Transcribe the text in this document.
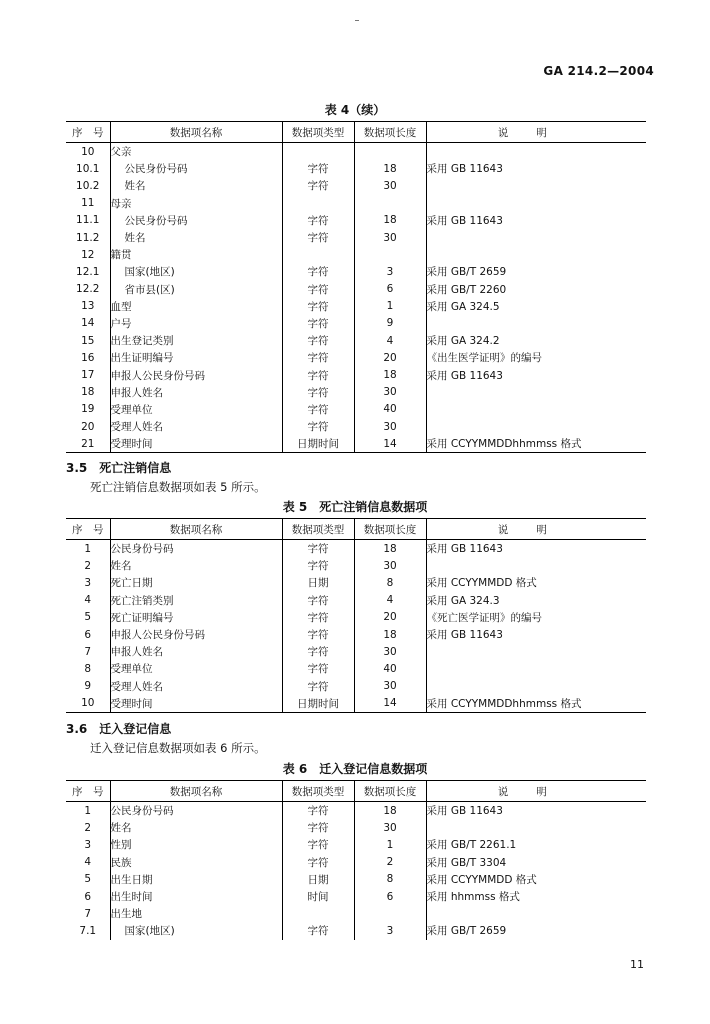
GA 214.2—2004
表 4（续）
序　号	数据项名称	数据项类型	数据项长度	说明
10	父亲			
10.1	公民身份号码	字符	18	采用 GB 11643
10.2	姓名	字符	30	
11	母亲			
11.1	公民身份号码	字符	18	采用 GB 11643
11.2	姓名	字符	30	
12	籍贯			
12.1	国家(地区)	字符	3	采用 GB/T 2659
12.2	省市县(区)	字符	6	采用 GB/T 2260
13	血型	字符	1	采用 GA 324.5
14	户号	字符	9	
15	出生登记类别	字符	4	采用 GA 324.2
16	出生证明编号	字符	20	《出生医学证明》的编号
17	申报人公民身份号码	字符	18	采用 GB 11643
18	申报人姓名	字符	30	
19	受理单位	字符	40	
20	受理人姓名	字符	30	
21	受理时间	日期时间	14	采用 CCYYMMDDhhmmss 格式
3.5　死亡注销信息
死亡注销信息数据项如表 5 所示。
表 5　死亡注销信息数据项
序　号	数据项名称	数据项类型	数据项长度	说明
1	公民身份号码	字符	18	采用 GB 11643
2	姓名	字符	30	
3	死亡日期	日期	8	采用 CCYYMMDD 格式
4	死亡注销类别	字符	4	采用 GA 324.3
5	死亡证明编号	字符	20	《死亡医学证明》的编号
6	申报人公民身份号码	字符	18	采用 GB 11643
7	申报人姓名	字符	30	
8	受理单位	字符	40	
9	受理人姓名	字符	30	
10	受理时间	日期时间	14	采用 CCYYMMDDhhmmss 格式
3.6　迁入登记信息
迁入登记信息数据项如表 6 所示。
表 6　迁入登记信息数据项
序　号	数据项名称	数据项类型	数据项长度	说明
1	公民身份号码	字符	18	采用 GB 11643
2	姓名	字符	30	
3	性别	字符	1	采用 GB/T 2261.1
4	民族	字符	2	采用 GB/T 3304
5	出生日期	日期	8	采用 CCYYMMDD 格式
6	出生时间	时间	6	采用 hhmmss 格式
7	出生地			
7.1	国家(地区)	字符	3	采用 GB/T 2659
11
